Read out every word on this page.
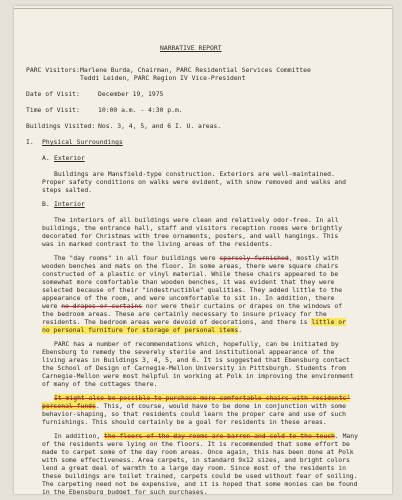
NARRATIVE REPORT
PARC Visitors: Marlene Burda, Chairman, PARC Residential Services Committee
Teddi Leiden, PARC Region IV Vice-President
Date of Visit:	December 19, 1975
Time of Visit:	10:00 a.m. - 4:30 p.m.
Buildings Visited: Nos. 3, 4, 5, and 6 I. U. areas.
I. Physical Surroundings
A. Exterior
Buildings are Mansfield-type construction. Exteriors are well-maintained.
Proper safety conditions on walks were evident, with snow removed and walks and
steps salted.
B. Interior
The interiors of all buildings were clean and relatively odor-free. In all
buildings, the entrance hall, staff and visitors reception rooms were brightly
decorated for Christmas with tree ornaments, posters, and wall hangings. This
was in marked contrast to the living areas of the residents.
The "day rooms" in all four buildings were sparsely furnished, mostly with
wooden benches and mats on the floor. In some areas, there were square chairs
constructed of a plastic or vinyl material. While these chairs appeared to be
somewhat more comfortable than wooden benches, it was evident that they were
selected because of their "indestructible" qualities. They added little to the
appearance of the room, and were uncomfortable to sit in. In addition, there
were no drapes or curtains nor were their curtains or drapes on the windows of
the bedroom areas. These are certainly necessary to insure privacy for the
residents. The bedroom areas were devoid of decorations, and there is little or
no personal furniture for storage of personal items.
PARC has a number of recommendations which, hopefully, can be initiated by
Ebensburg to remedy the severely sterile and institutional appearance of the
living areas in Buildings 3, 4, 5, and 6. It is suggested that Ebensburg contact
the School of Design of Carnegie-Mellon University in Pittsburgh. Students from
Carnegie-Mellon were most helpful in working at Polk in improving the environment
of many of the cottages there.
It might also be possible to purchase more comfortable chairs with residents'
personal funds. This, of course, would have to be done in conjunction with some
behavior-shaping, so that residents could learn the proper care and use of such
furnishings. This should certainly be a goal for residents in these areas.
In addition, the floors of the day rooms are barren and cold to the touch. Many
of the residents were lying on the floors. It is recommended that some effort be
made to carpet some of the day room areas. Once again, this has been done at Polk
with some effectiveness. Area carpets, in standard 9x12 sizes, and bright colors
lend a great deal of warmth to a large day room. Since most of the residents in
these buildings are toilet trained, carpets could be used without fear of soiling.
The carpeting need not be expensive, and it is hoped that some monies can be found
in the Ebensburg budget for such purchases.
